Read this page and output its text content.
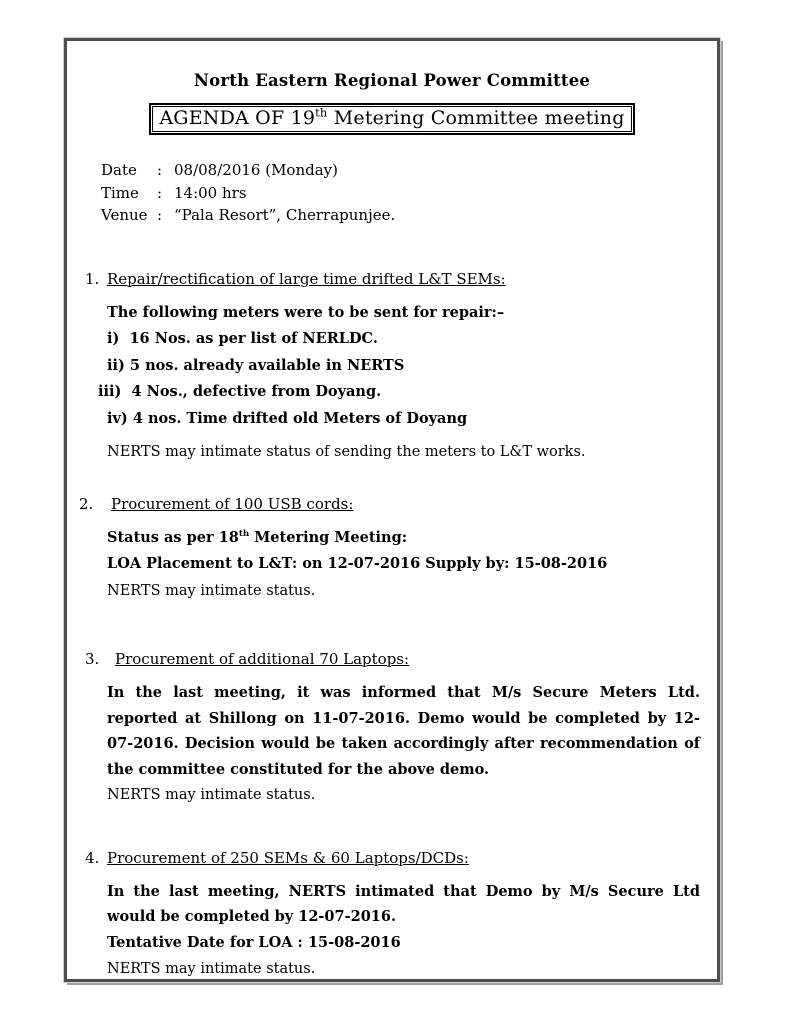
North Eastern Regional Power Committee
AGENDA OF 19th Metering Committee meeting
Date : 08/08/2016 (Monday)
Time : 14:00 hrs
Venue : “Pala Resort”, Cherrapunjee.
1. Repair/rectification of large time drifted L&T SEMs:
The following meters were to be sent for repair:–
i)  16 Nos. as per list of NERLDC.
ii) 5 nos. already available in NERTS
iii)  4 Nos., defective from Doyang.
iv) 4 nos. Time drifted old Meters of Doyang
NERTS may intimate status of sending the meters to L&T works.
2. Procurement of 100 USB cords:
Status as per 18th Metering Meeting:
LOA Placement to L&T: on 12-07-2016 Supply by: 15-08-2016
NERTS may intimate status.
3. Procurement of additional 70 Laptops:
In the last meeting, it was informed that M/s Secure Meters Ltd. reported at Shillong on 11-07-2016. Demo would be completed by 12-07-2016. Decision would be taken accordingly after recommendation of the committee constituted for the above demo.
NERTS may intimate status.
4. Procurement of 250 SEMs & 60 Laptops/DCDs:
In the last meeting, NERTS intimated that Demo by M/s Secure Ltd would be completed by 12-07-2016.
Tentative Date for LOA : 15-08-2016
NERTS may intimate status.
